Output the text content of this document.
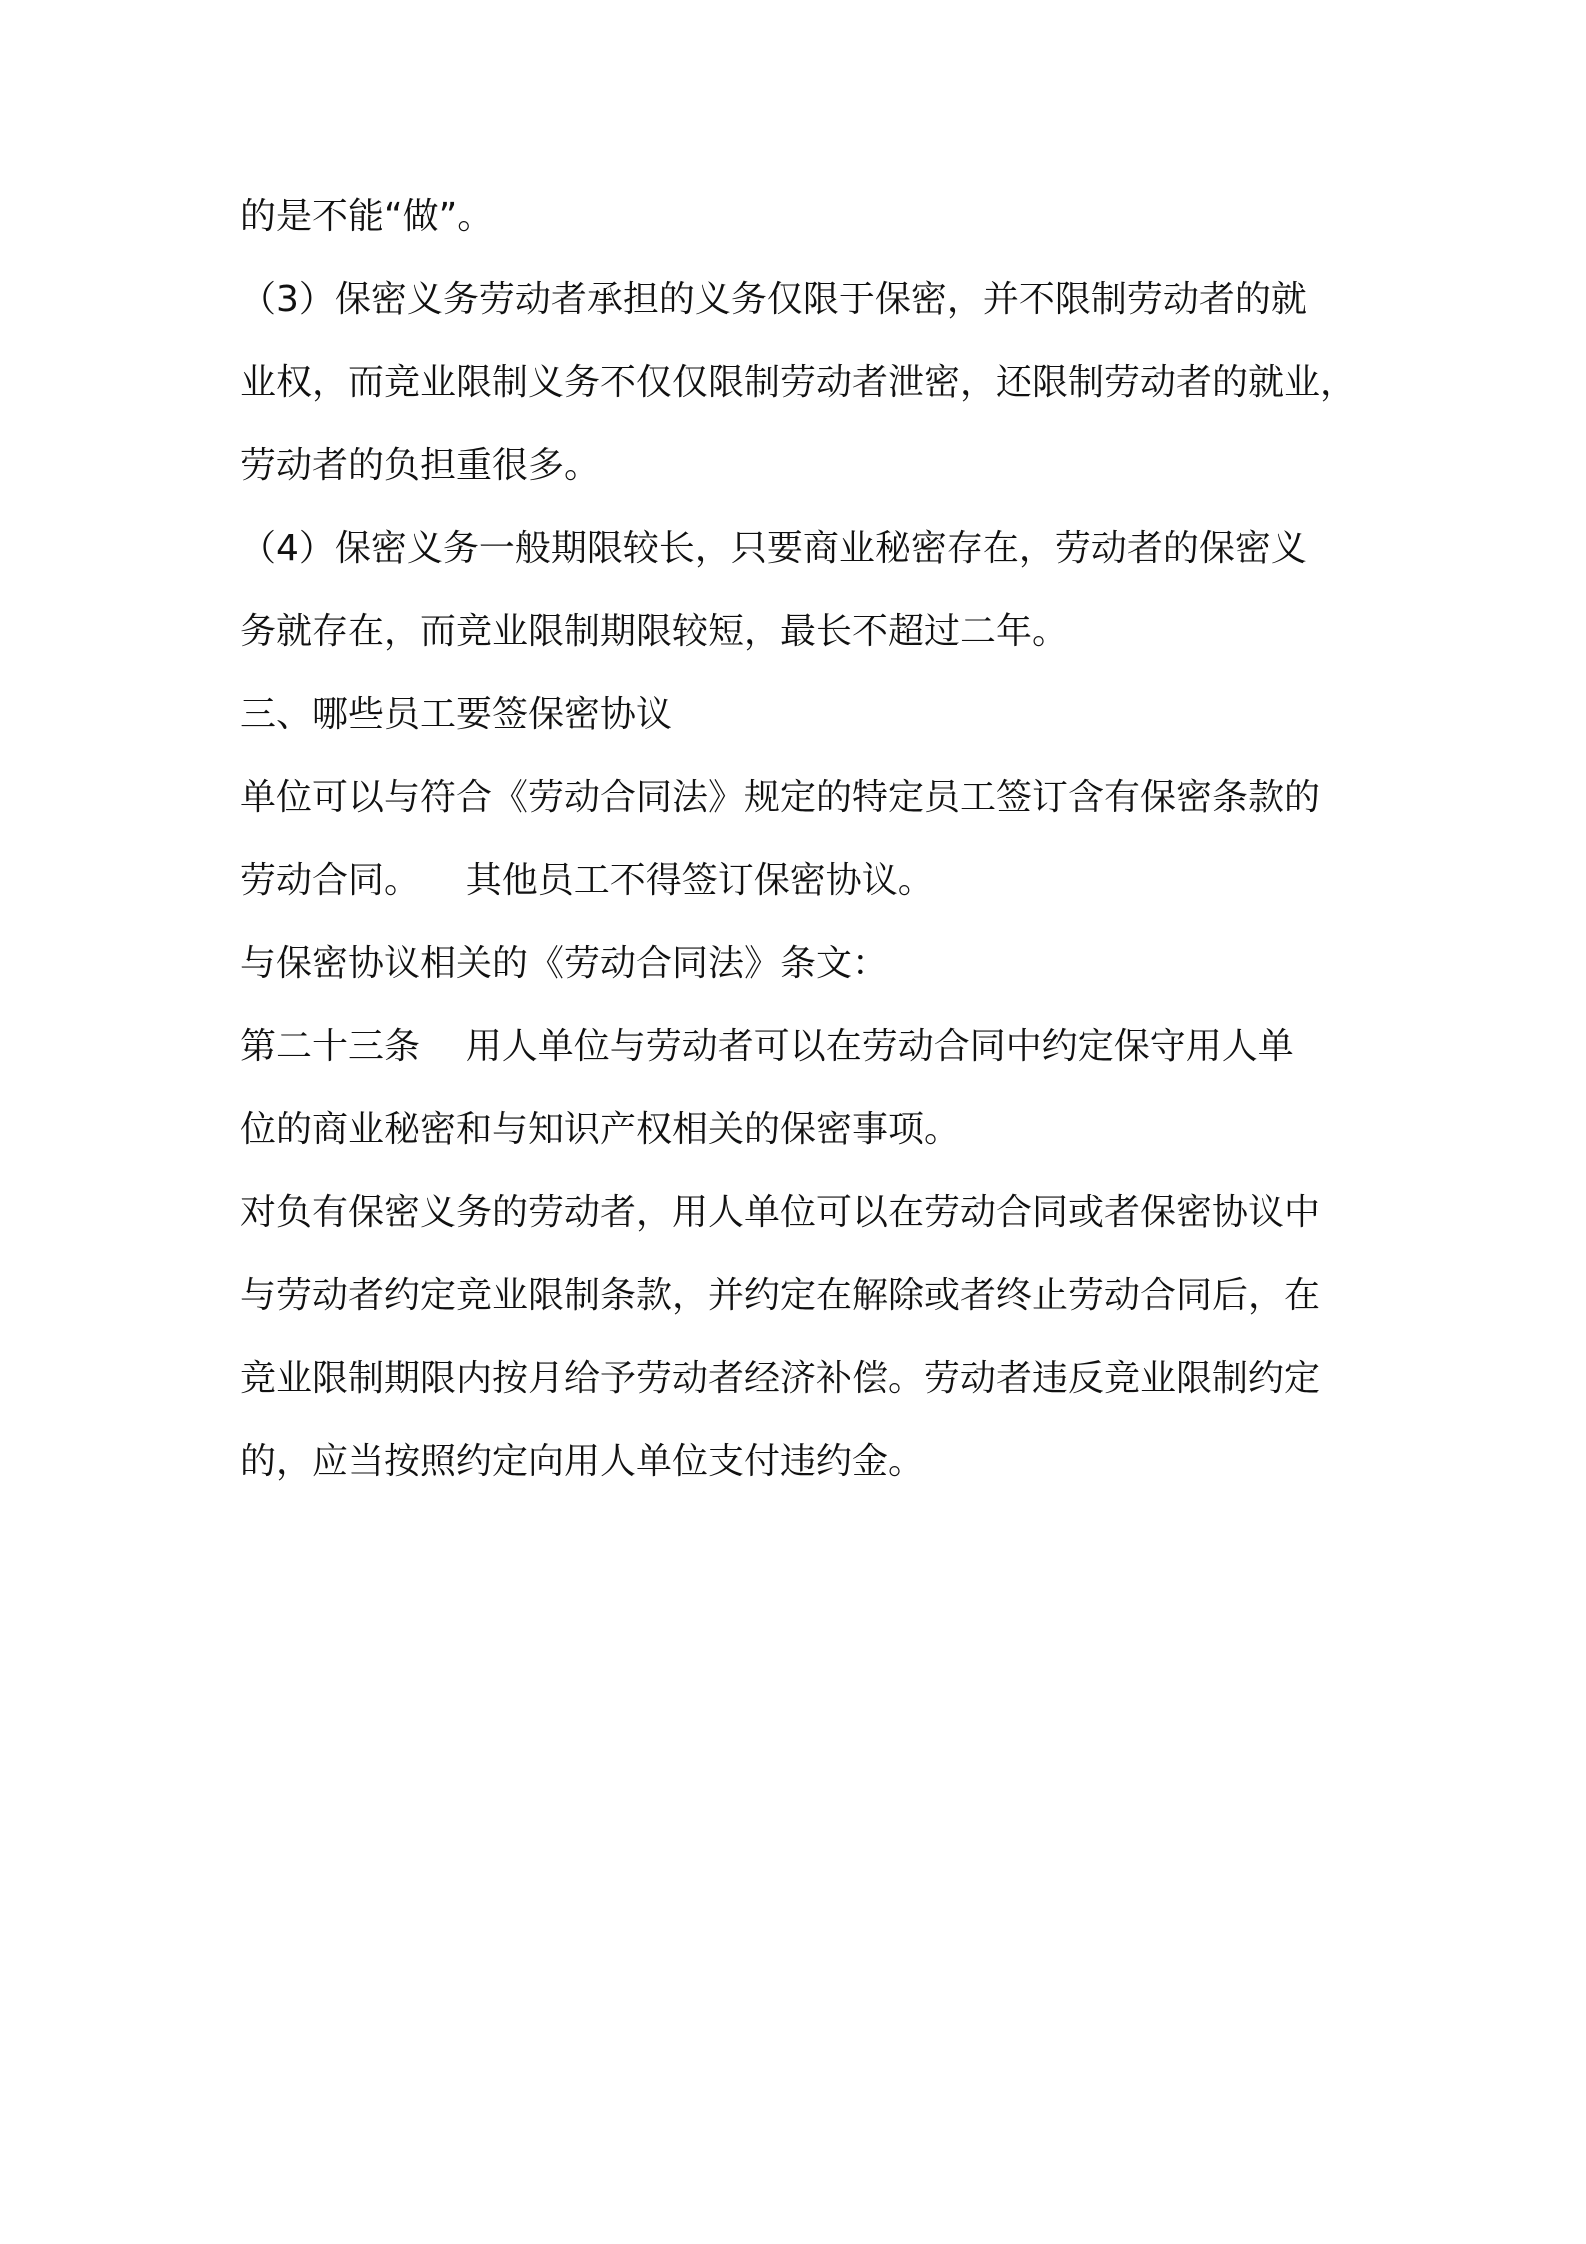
的是不能“做”。
（3）保密义务劳动者承担的义务仅限于保密，并不限制劳动者的就
业权，而竞业限制义务不仅仅限制劳动者泄密，还限制劳动者的就业，
劳动者的负担重很多。
（4）保密义务一般期限较长，只要商业秘密存在，劳动者的保密义
务就存在，而竞业限制期限较短，最长不超过二年。
三、哪些员工要签保密协议
单位可以与符合《劳动合同法》规定的特定员工签订含有保密条款的
劳动合同。    其他员工不得签订保密协议。
与保密协议相关的《劳动合同法》条文：
第二十三条    用人单位与劳动者可以在劳动合同中约定保守用人单
位的商业秘密和与知识产权相关的保密事项。
对负有保密义务的劳动者，用人单位可以在劳动合同或者保密协议中
与劳动者约定竞业限制条款，并约定在解除或者终止劳动合同后，在
竞业限制期限内按月给予劳动者经济补偿。劳动者违反竞业限制约定
的，应当按照约定向用人单位支付违约金。
